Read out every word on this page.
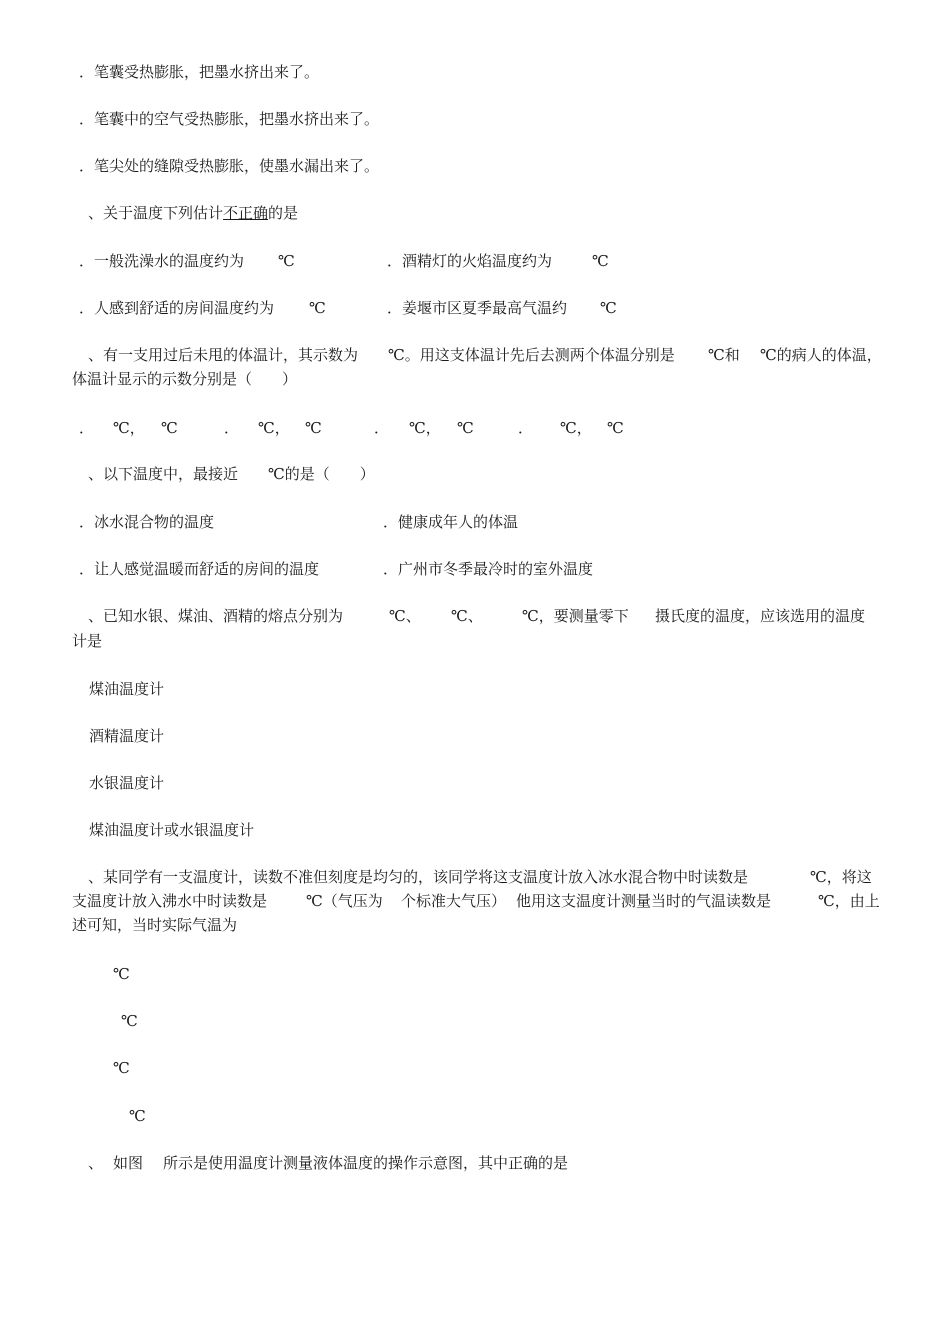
．笔囊受热膨胀，把墨水挤出来了。
．笔囊中的空气受热膨胀，把墨水挤出来了。
．笔尖处的缝隙受热膨胀，使墨水漏出来了。
、关于温度下列估计不正确的是
．一般洗澡水的温度约为 ℃	．酒精灯的火焰温度约为	℃
．人感到舒适的房间温度约为 ℃	．姜堰市区夏季最高气温约 ℃
、有一支用过后未甩的体温计，其示数为 ℃。用这支体温计先后去测两个体温分别是 ℃和 ℃的病人的体温，
体温计显示的示数分别是（　　）
． ℃， ℃	． ℃， ℃	． ℃， ℃	． ℃， ℃
、以下温度中，最接近 ℃的是（　　）
．冰水混合物的温度	．健康成年人的体温
．让人感觉温暖而舒适的房间的温度	．广州市冬季最冷时的室外温度
、已知水银、煤油、酒精的熔点分别为	℃、 ℃、	℃，要测量零下 摄氏度的温度，应该选用的温度
计是
煤油温度计
酒精温度计
水银温度计
煤油温度计或水银温度计
、某同学有一支温度计，读数不准但刻度是均匀的，该同学将这支温度计放入冰水混合物中时读数是	℃，将这
支温度计放入沸水中时读数是	℃（气压为 个标准大气压） 他用这支温度计测量当时的气温读数是	℃，由上
述可知，当时实际气温为
℃
℃
℃
℃
、 如图 所示是使用温度计测量液体温度的操作示意图，其中正确的是
